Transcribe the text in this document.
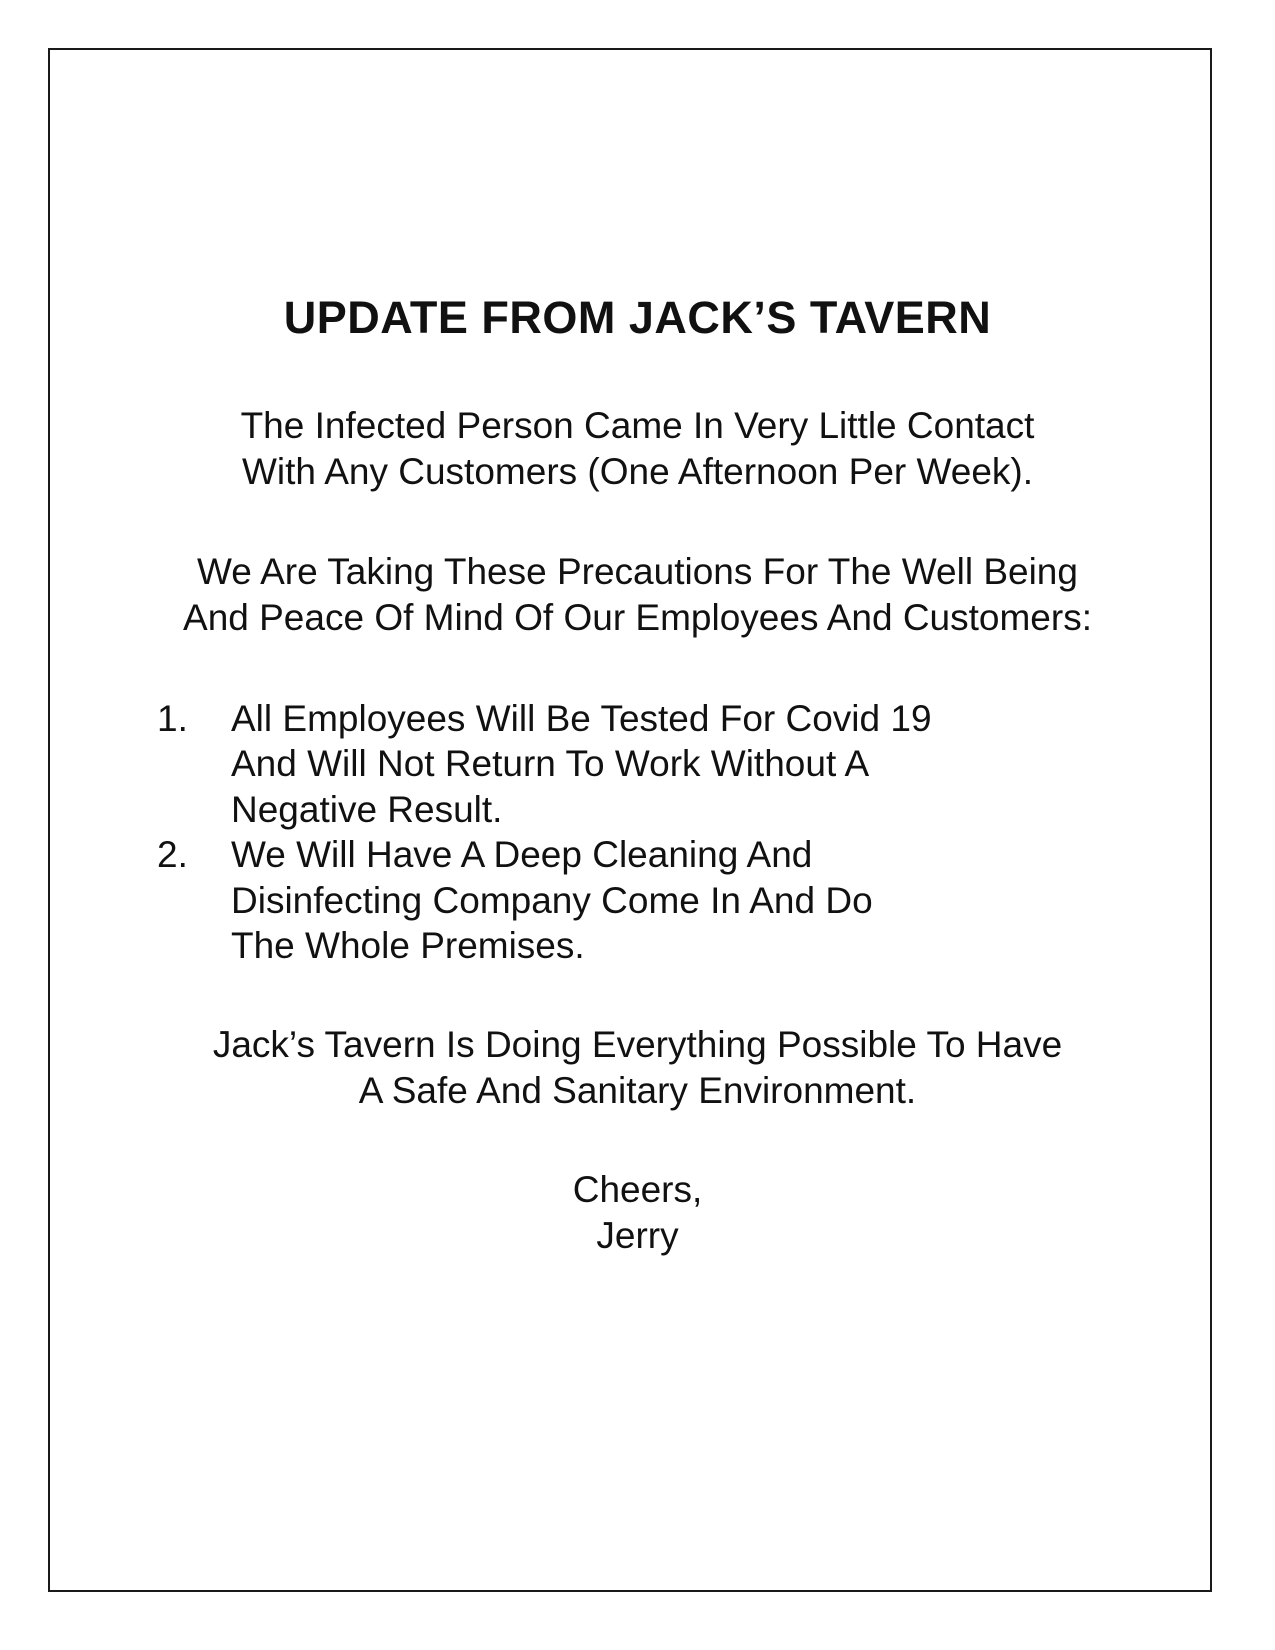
UPDATE FROM JACK’S TAVERN
The Infected Person Came In Very Little Contact
With Any Customers (One Afternoon Per Week).
We Are Taking These Precautions For The Well Being
And Peace Of Mind Of Our Employees And Customers:
1. All Employees Will Be Tested For Covid 19
And Will Not Return To Work Without A
Negative Result.
2. We Will Have A Deep Cleaning And
Disinfecting Company Come In And Do
The Whole Premises.
Jack’s Tavern Is Doing Everything Possible To Have
A Safe And Sanitary Environment.
Cheers,
Jerry
